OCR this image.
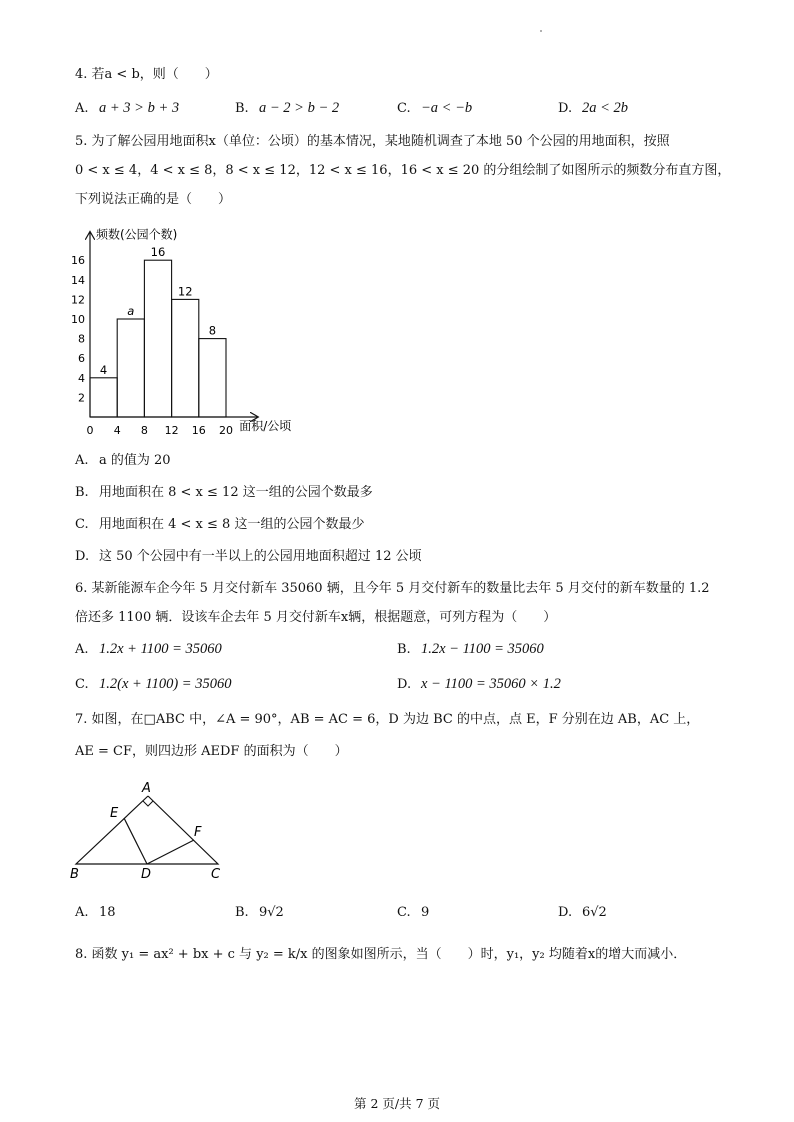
4. 若a < b，则（　　）
A. a + 3 > b + 3	B. a − 2 > b − 2	C. −a < −b	D. 2a < 2b
5. 为了解公园用地面积x（单位：公顷）的基本情况，某地随机调查了本地 50 个公园的用地面积，按照
0 < x ≤ 4，4 < x ≤ 8，8 < x ≤ 12，12 < x ≤ 16，16 < x ≤ 20 的分组绘制了如图所示的频数分布直方图，
下列说法正确的是（　　）
频数(公园个数)
面积/公顷
2
4
6
8
10
12
14
16
0 4 8 12 16 20
4
a
16
12
8
A. a 的值为 20
B. 用地面积在 8 < x ≤ 12 这一组的公园个数最多
C. 用地面积在 4 < x ≤ 8 这一组的公园个数最少
D. 这 50 个公园中有一半以上的公园用地面积超过 12 公顷
6. 某新能源车企今年 5 月交付新车 35060 辆，且今年 5 月交付新车的数量比去年 5 月交付的新车数量的 1.2
倍还多 1100 辆．设该车企去年 5 月交付新车x辆，根据题意，可列方程为（　　）
A. 1.2x + 1100 = 35060	B. 1.2x − 1100 = 35060
C. 1.2(x + 1100) = 35060	D. x − 1100 = 35060 × 1.2
7. 如图，在□ABC 中，∠A = 90°，AB = AC = 6，D 为边 BC 的中点，点 E，F 分别在边 AB，AC 上，
AE = CF，则四边形 AEDF 的面积为（　　）
A
E
F
B	D	C
A. 18	B. 9√2	C. 9	D. 6√2
8. 函数 y₁ = ax² + bx + c 与 y₂ = k/x 的图象如图所示，当（　　）时，y₁，y₂ 均随着x的增大而减小．
第 2 页/共 7 页
